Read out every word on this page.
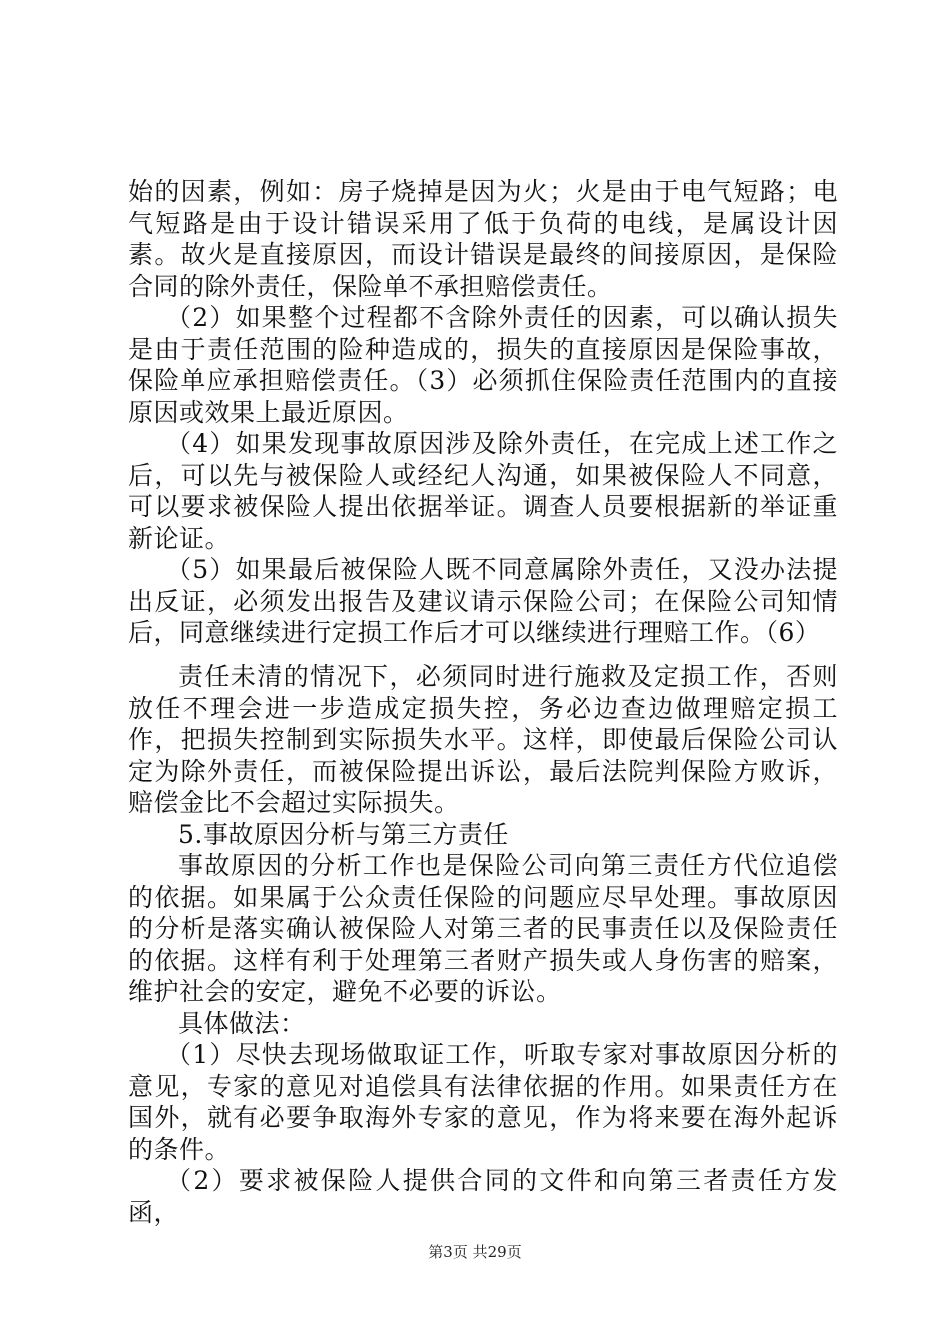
始的因素，例如：房子烧掉是因为火；火是由于电气短路；电气短路是由于设计错误采用了低于负荷的电线，是属设计因素。故火是直接原因，而设计错误是最终的间接原因，是保险合同的除外责任，保险单不承担赔偿责任。

（2）如果整个过程都不含除外责任的因素，可以确认损失是由于责任范围的险种造成的，损失的直接原因是保险事故，保险单应承担赔偿责任。（3）必须抓住保险责任范围内的直接原因或效果上最近原因。

（4）如果发现事故原因涉及除外责任，在完成上述工作之后，可以先与被保险人或经纪人沟通，如果被保险人不同意，可以要求被保险人提出依据举证。调查人员要根据新的举证重新论证。

（5）如果最后被保险人既不同意属除外责任，又没办法提出反证，必须发出报告及建议请示保险公司；在保险公司知情后，同意继续进行定损工作后才可以继续进行理赔工作。（6）

责任未清的情况下，必须同时进行施救及定损工作，否则放任不理会进一步造成定损失控，务必边查边做理赔定损工作，把损失控制到实际损失水平。这样，即使最后保险公司认定为除外责任，而被保险提出诉讼，最后法院判保险方败诉，赔偿金比不会超过实际损失。

5.事故原因分析与第三方责任

事故原因的分析工作也是保险公司向第三责任方代位追偿的依据。如果属于公众责任保险的问题应尽早处理。事故原因的分析是落实确认被保险人对第三者的民事责任以及保险责任的依据。这样有利于处理第三者财产损失或人身伤害的赔案，维护社会的安定，避免不必要的诉讼。

具体做法：

（1）尽快去现场做取证工作，听取专家对事故原因分析的意见，专家的意见对追偿具有法律依据的作用。如果责任方在国外，就有必要争取海外专家的意见，作为将来要在海外起诉的条件。

（2）要求被保险人提供合同的文件和向第三者责任方发函，

第3页 共29页
